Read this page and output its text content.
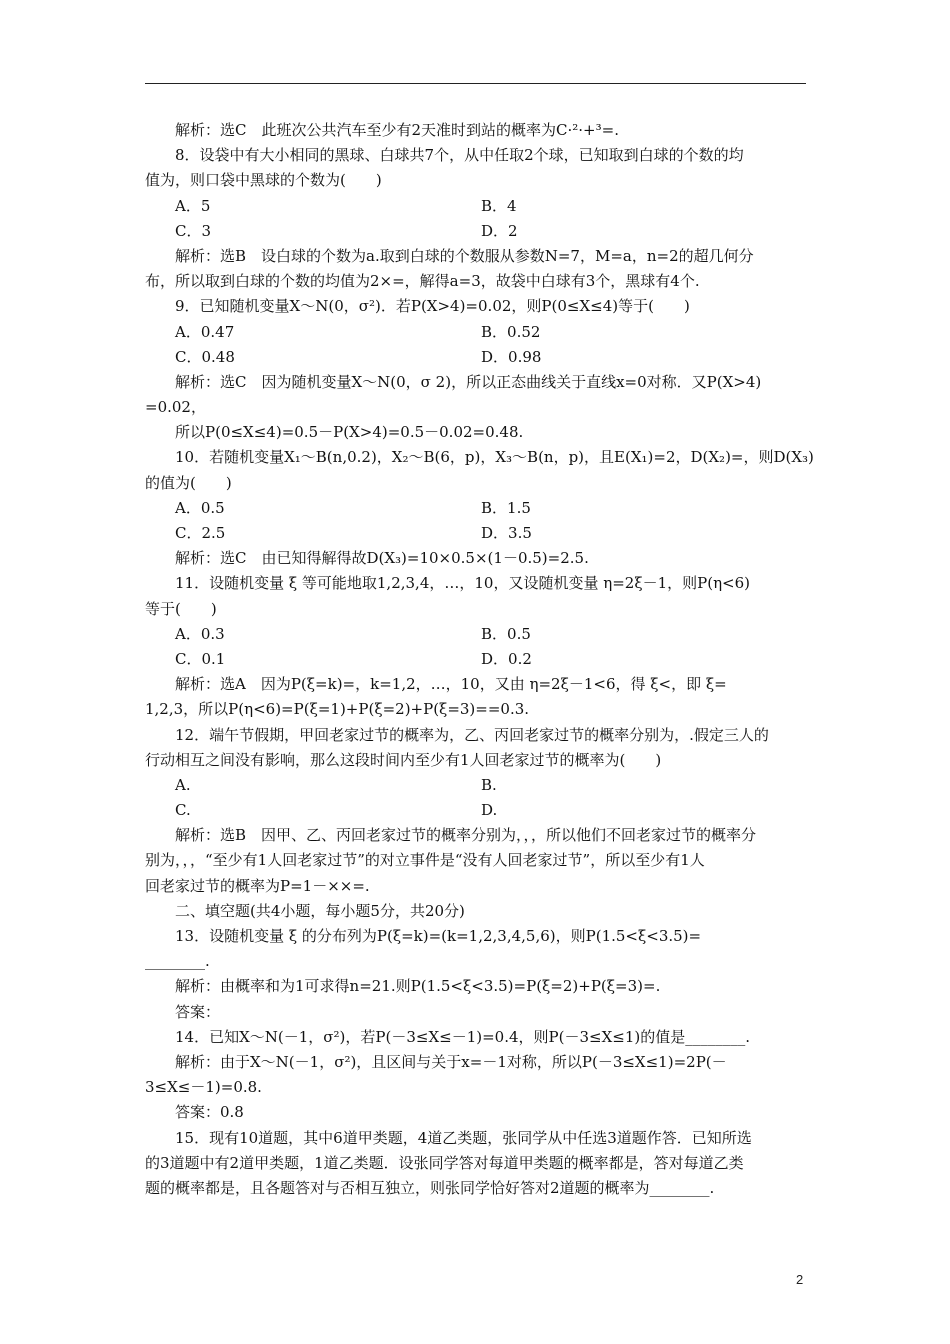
解析：选C　此班次公共汽车至少有2天准时到站的概率为C·²·+³=.
8．设袋中有大小相同的黑球、白球共7个，从中任取2个球，已知取到白球的个数的均
值为，则口袋中黑球的个数为(　　)
A．5	B．4
C．3	D．2
解析：选B　设白球的个数为a.取到白球的个数服从参数N=7，M=a，n=2的超几何分
布，所以取到白球的个数的均值为2×=，解得a=3，故袋中白球有3个，黑球有4个.
9．已知随机变量X～N(0，σ²)．若P(X>4)=0.02，则P(0≤X≤4)等于(　　)
A．0.47	B．0.52
C．0.48	D．0.98
解析：选C　因为随机变量X～N(0，σ 2)，所以正态曲线关于直线x=0对称．又P(X>4)
=0.02，
所以P(0≤X≤4)=0.5－P(X>4)=0.5－0.02=0.48.
10．若随机变量X₁～B(n,0.2)，X₂～B(6，p)，X₃～B(n，p)，且E(X₁)=2，D(X₂)=，则D(X₃)
的值为(　　)
A．0.5	B．1.5
C．2.5	D．3.5
解析：选C　由已知得解得故D(X₃)=10×0.5×(1－0.5)=2.5.
11．设随机变量 ξ 等可能地取1,2,3,4，…，10，又设随机变量 η=2ξ－1，则P(η<6)
等于(　　)
A．0.3	B．0.5
C．0.1	D．0.2
解析：选A　因为P(ξ=k)=，k=1,2，…，10，又由 η=2ξ－1<6，得 ξ<，即 ξ=
1,2,3，所以P(η<6)=P(ξ=1)+P(ξ=2)+P(ξ=3)==0.3.
12．端午节假期，甲回老家过节的概率为，乙、丙回老家过节的概率分别为，.假定三人的
行动相互之间没有影响，那么这段时间内至少有1人回老家过节的概率为(　　)
A.	B.
C.	D.
解析：选B　因甲、乙、丙回老家过节的概率分别为，，，所以他们不回老家过节的概率分
别为，，，“至少有1人回老家过节”的对立事件是“没有人回老家过节”，所以至少有1人
回老家过节的概率为P=1－××=.
二、填空题(共4小题，每小题5分，共20分)
13．设随机变量 ξ 的分布列为P(ξ=k)=(k=1,2,3,4,5,6)，则P(1.5<ξ<3.5)=
________.
解析：由概率和为1可求得n=21.则P(1.5<ξ<3.5)=P(ξ=2)+P(ξ=3)=.
答案：
14．已知X～N(－1，σ²)，若P(－3≤X≤－1)=0.4，则P(－3≤X≤1)的值是________.
解析：由于X～N(－1，σ²)，且区间与关于x=－1对称，所以P(－3≤X≤1)=2P(－
3≤X≤－1)=0.8.
答案：0.8
15．现有10道题，其中6道甲类题，4道乙类题，张同学从中任选3道题作答．已知所选
的3道题中有2道甲类题，1道乙类题．设张同学答对每道甲类题的概率都是，答对每道乙类
题的概率都是，且各题答对与否相互独立，则张同学恰好答对2道题的概率为________.
2
